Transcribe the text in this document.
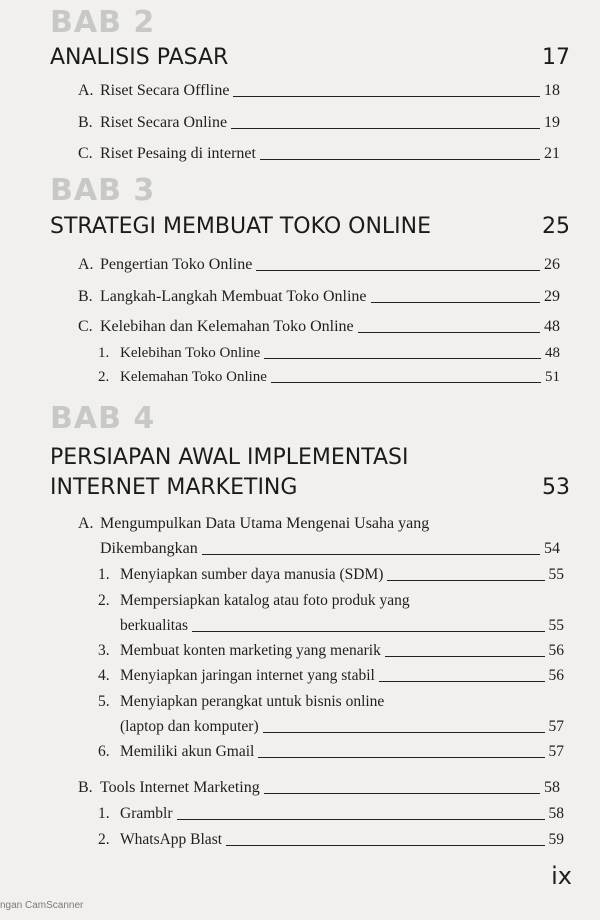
BAB 2
ANALISIS PASAR	17
A. Riset Secara Offline	18
B. Riset Secara Online	19
C. Riset Pesaing di internet	21
BAB 3
STRATEGI MEMBUAT TOKO ONLINE	25
A. Pengertian Toko Online	26
B. Langkah-Langkah Membuat Toko Online	29
C. Kelebihan dan Kelemahan Toko Online	48
1. Kelebihan Toko Online	48
2. Kelemahan Toko Online	51
BAB 4
PERSIAPAN AWAL IMPLEMENTASI
INTERNET MARKETING	53
A. Mengumpulkan Data Utama Mengenai Usaha yang
Dikembangkan	54
1. Menyiapkan sumber daya manusia (SDM)	55
2. Mempersiapkan katalog atau foto produk yang
berkualitas	55
3. Membuat konten marketing yang menarik	56
4. Menyiapkan jaringan internet yang stabil	56
5. Menyiapkan perangkat untuk bisnis online
(laptop dan komputer)	57
6. Memiliki akun Gmail	57
B. Tools Internet Marketing	58
1. Gramblr	58
2. WhatsApp Blast	59
ix
ngan CamScanner
